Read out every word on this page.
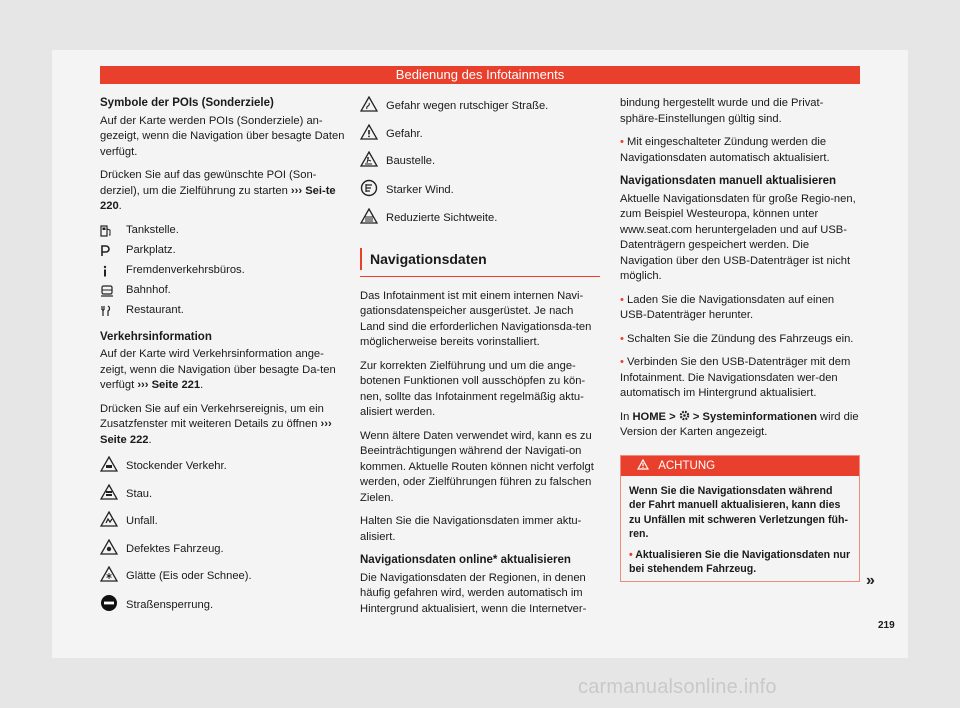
Bedienung des Infotainments
Symbole der POIs (Sonderziele)

Auf der Karte werden POIs (Sonderziele) an-gezeigt, wenn die Navigation über besagte Daten verfügt.

Drücken Sie auf das gewünschte POI (Son-derziel), um die Zielführung zu starten ››› Sei-te 220.

Tankstelle.
Parkplatz.
Fremdenverkehrsbüros.
Bahnhof.
Restaurant.
Verkehrsinformation

Auf der Karte wird Verkehrsinformation ange-zeigt, wenn die Navigation über besagte Da-ten verfügt ››› Seite 221.

Drücken Sie auf ein Verkehrsereignis, um ein Zusatzfenster mit weiteren Details zu öffnen ››› Seite 222.

Stockender Verkehr.
Stau.
Unfall.
Defektes Fahrzeug.
Glätte (Eis oder Schnee).
Straßensperrung.
Gefahr wegen rutschiger Straße.
Gefahr.
Baustelle.
Starker Wind.
Reduzierte Sichtweite.
Navigationsdaten

Das Infotainment ist mit einem internen Navi-gationsdatenspeicher ausgerüstet. Je nach Land sind die erforderlichen Navigationsda-ten möglicherweise bereits vorinstalliert.

Zur korrekten Zielführung und um die ange-botenen Funktionen voll ausschöpfen zu kön-nen, sollte das Infotainment regelmäßig aktu-alisiert werden.

Wenn ältere Daten verwendet wird, kann es zu Beeinträchtigungen während der Navigati-on kommen. Aktuelle Routen können nicht verfolgt werden, oder Zielführungen führen zu falschen Zielen.

Halten Sie die Navigationsdaten immer aktu-alisiert.

Navigationsdaten online* aktualisieren

Die Navigationsdaten der Regionen, in denen häufig gefahren wird, werden automatisch im Hintergrund aktualisiert, wenn die Internetver-

bindung hergestellt wurde und die Privat-sphäre-Einstellungen gültig sind.

• Mit eingeschalteter Zündung werden die Navigationsdaten automatisch aktualisiert.

Navigationsdaten manuell aktualisieren

Aktuelle Navigationsdaten für große Regio-nen, zum Beispiel Westeuropa, können unter www.seat.com heruntergeladen und auf USB-Datenträgern gespeichert werden. Die Navigation über den USB-Datenträger ist nicht möglich.

• Laden Sie die Navigationsdaten auf einen USB-Datenträger herunter.

• Schalten Sie die Zündung des Fahrzeugs ein.

• Verbinden Sie den USB-Datenträger mit dem Infotainment. Die Navigationsdaten wer-den automatisch im Hintergrund aktualisiert.

In HOME >  > Systeminformationen wird die Version der Karten angezeigt.

ACHTUNG

Wenn Sie die Navigationsdaten während der Fahrt manuell aktualisieren, kann dies zu Unfällen mit schweren Verletzungen füh-ren.

• Aktualisieren Sie die Navigationsdaten nur bei stehendem Fahrzeug.

»
219
carmanualsonline.info
